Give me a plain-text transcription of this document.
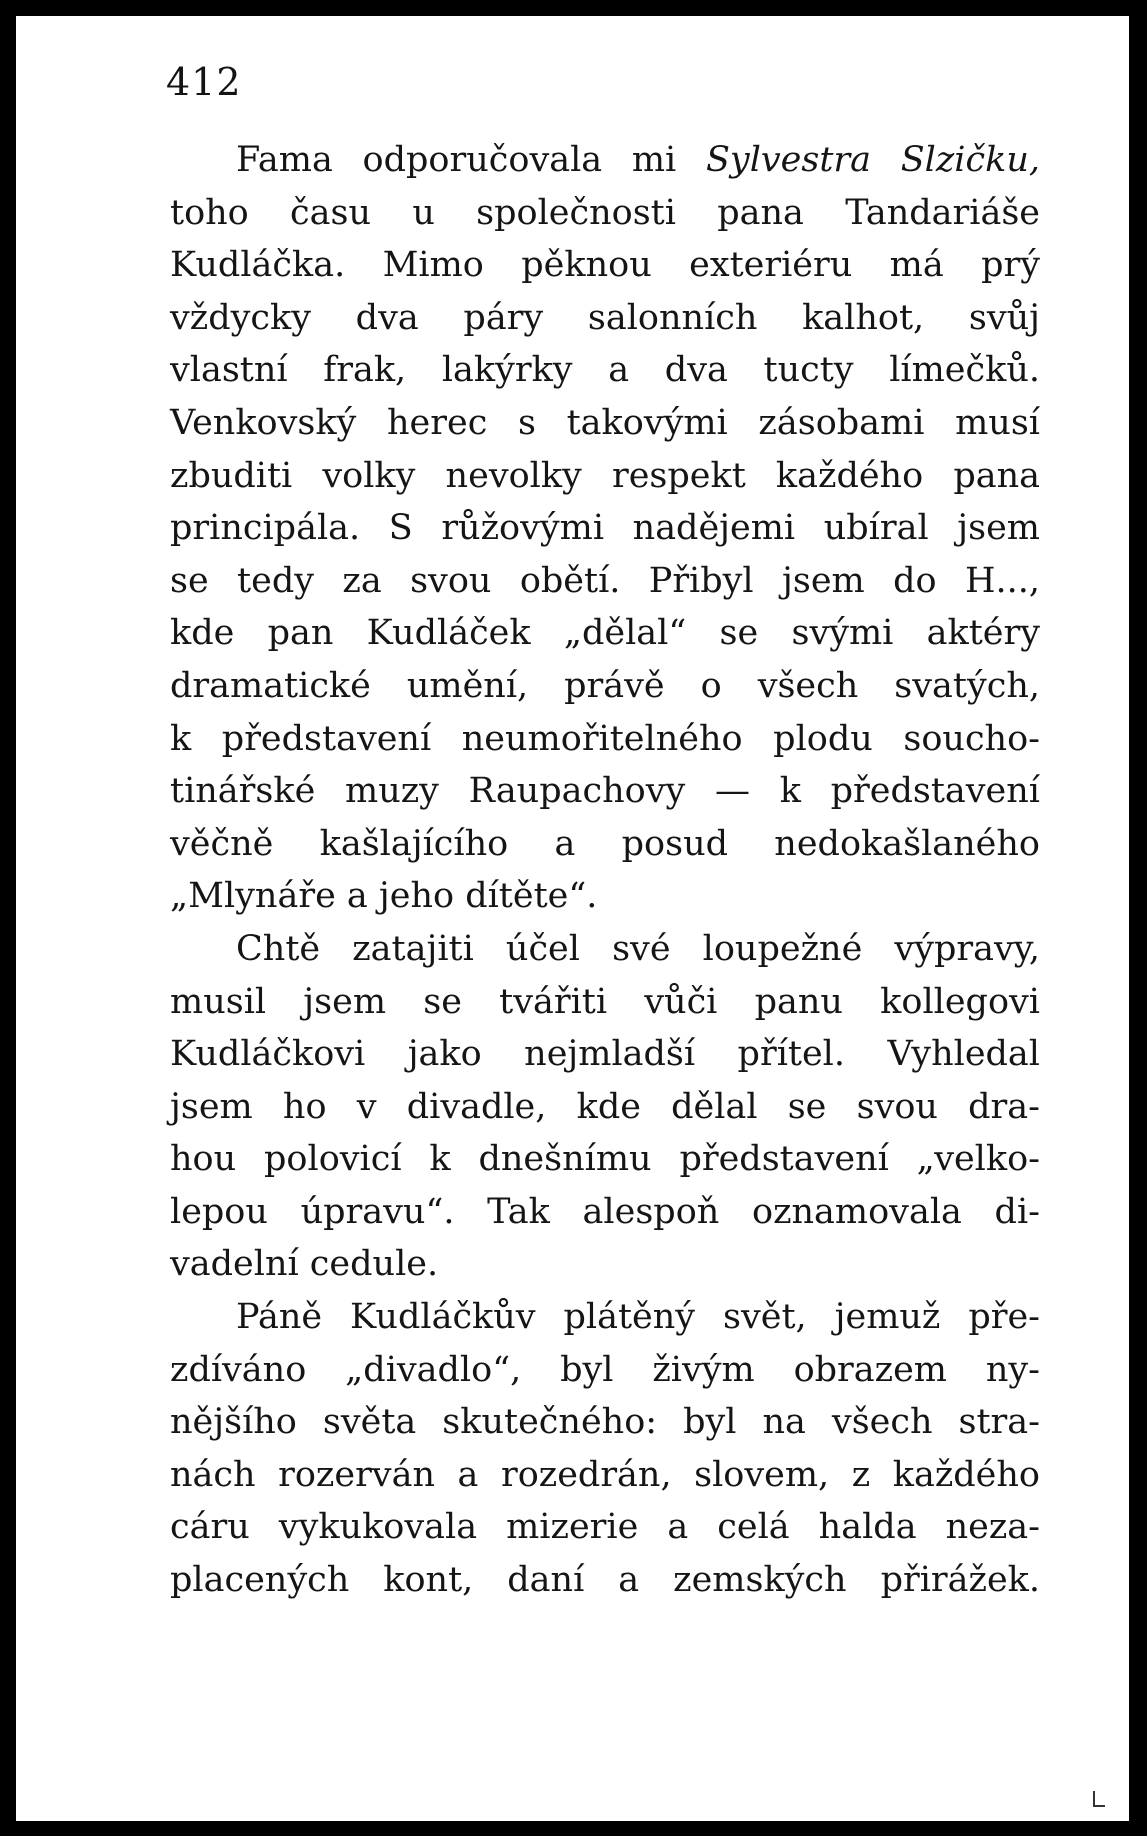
412
Fama odporučovala mi Sylvestra Slzičku,
toho času u společnosti pana Tandariáše
Kudláčka. Mimo pěknou exteriéru má prý
vždycky dva páry salonních kalhot, svůj
vlastní frak, lakýrky a dva tucty límečků.
Venkovský herec s takovými zásobami musí
zbuditi volky nevolky respekt každého pana
principála. S růžovými nadějemi ubíral jsem
se tedy za svou obětí. Přibyl jsem do H...,
kde pan Kudláček „dělal“ se svými aktéry
dramatické umění, právě o všech svatých,
k představení neumořitelného plodu soucho-
tinářské muzy Raupachovy — k představení
věčně kašlajícího a posud nedokašlaného
„Mlynáře a jeho dítěte“.
Chtě zatajiti účel své loupežné výpravy,
musil jsem se tvářiti vůči panu kollegovi
Kudláčkovi jako nejmladší přítel. Vyhledal
jsem ho v divadle, kde dělal se svou dra-
hou polovicí k dnešnímu představení „velko-
lepou úpravu“. Tak alespoň oznamovala di-
vadelní cedule.
Páně Kudláčkův plátěný svět, jemuž pře-
zdíváno „divadlo“, byl živým obrazem ny-
nějšího světa skutečného: byl na všech stra-
nách rozerván a rozedrán, slovem, z každého
cáru vykukovala mizerie a celá halda neza-
placených kont, daní a zemských přirážek.
